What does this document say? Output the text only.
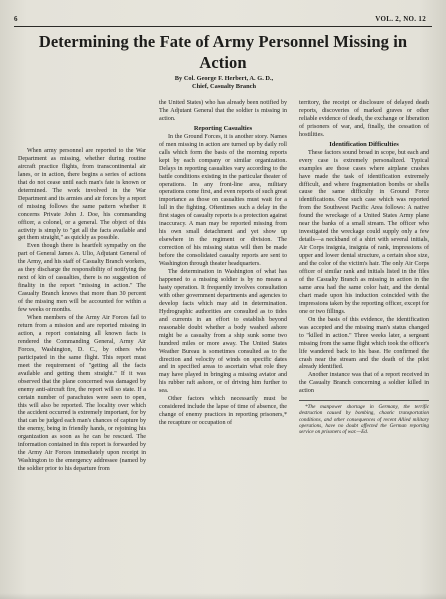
6	VOL. 2, NO. 12
Determining the Fate of Army Personnel Missing in Action
By Col. George F. Herbert, A. G. D.,
Chief, Casualty Branch

When army personnel are reported to the War Department as missing, whether during routine aircraft practice flights, from transcontinental air lanes, or in action, there begins a series of actions that do not cease until each man's fate is known or determined. The work involved in the War Department and its armies and air forces by a report of missing follows the same pattern whether it concerns Private John J. Doe, his commanding officer, a colonel, or a general. The object of this activity is simply to "get all the facts available and get them straight," as quickly as possible.

Even though there is heartfelt sympathy on the part of General James A. Ulio, Adjutant General of the Army, and his staff of Casualty Branch workers, as they discharge the responsibility of notifying the next of kin of casualties, there is no suggestion of finality in the report "missing in action." The Casualty Branch knows that more than 30 percent of the missing men will be accounted for within a few weeks or months.

When members of the Army Air Forces fail to return from a mission and are reported missing in action, a report containing all known facts is rendered the Commanding General, Army Air Forces, Washington, D. C., by others who participated in the same flight. This report must meet the requirement of "getting all the facts available and getting them straight." If it was observed that the plane concerned was damaged by enemy anti-aircraft fire, the report will so state. If a certain number of parachutes were seen to open, this will also be reported. The locality over which the accident occurred is extremely important, for by that can be judged each man's chances of capture by the enemy, being in friendly hands, or rejoining his organization as soon as he can be rescued. The information contained in this report is forwarded by the Army Air Forces immediately upon receipt in Washington to the emergency addressee (named by the soldier prior to his departure from

the United States) who has already been notified by The Adjutant General that the soldier is missing in action.

Reporting Casualties

In the Ground Forces, it is another story. Names of men missing in action are turned up by daily roll calls which form the basis of the morning reports kept by each company or similar organization. Delays in reporting casualties vary according to the battle conditions existing in the particular theater of operations. In any front-line area, military operations come first, and even reports of such great importance as those on casualties must wait for a lull in the fighting. Oftentimes such a delay in the first stages of casualty reports is a protection against inaccuracy. A man may be reported missing from his own small detachment and yet show up elsewhere in the regiment or division. The correction of his missing status will then be made before the consolidated casualty reports are sent to Washington through theater headquarters.

The determination in Washington of what has happened to a missing soldier is by no means a hasty operation. It frequently involves consultation with other government departments and agencies to develop facts which may aid in determination. Hydrographic authorities are consulted as to tides and currents in an effort to establish beyond reasonable doubt whether a body washed ashore might be a casualty from a ship sunk some two hundred miles or more away. The United States Weather Bureau is sometimes consulted as to the direction and velocity of winds on specific dates and in specified areas to ascertain what role they may have played in bringing a missing aviator and his rubber raft ashore, or of driving him further to sea.

Other factors which necessarily must be considered include the lapse of time of absence, the change of enemy practices in reporting prisoners,* the recapture or occupation of

territory, the receipt or disclosure of delayed death reports, discoveries of marked graves or other reliable evidence of death, the exchange or liberation of prisoners of war, and, finally, the cessation of hostilities.

Identification Difficulties

These factors sound broad in scope, but each and every case is extremely personalized. Typical examples are those cases where airplane crashes have made the task of identification extremely difficult, and where fragmentation bombs or shells cause the same difficulty in Ground Force identifications. One such case which was reported from the Southwest Pacific Area follows: A native found the wreckage of a United States Army plane near the banks of a small stream. The officer who investigated the wreckage could supply only a few details—a neckband of a shirt with several initials, Air Corps insignia, insignia of rank, impressions of upper and lower dental structure, a certain shoe size, and the color of the victim's hair. The only Air Corps officer of similar rank and initials listed in the files of the Casualty Branch as missing in action in the same area had the same color hair, and the dental chart made upon his induction coincided with the impressions taken by the reporting officer, except for one or two fillings.

On the basis of this evidence, the identification was accepted and the missing man's status changed to "killed in action." Three weeks later, a sergeant missing from the same flight which took the officer's life wandered back to his base. He confirmed the crash near the stream and the death of the pilot already identified.

Another instance was that of a report received in the Casualty Branch concerning a soldier killed in action

*The manpower shortage in Germany, the terrific destruction caused by bombing, chaotic transportation conditions, and other consequences of recent Allied military operations, have no doubt affected the German reporting service on prisoners of war.—Ed.
